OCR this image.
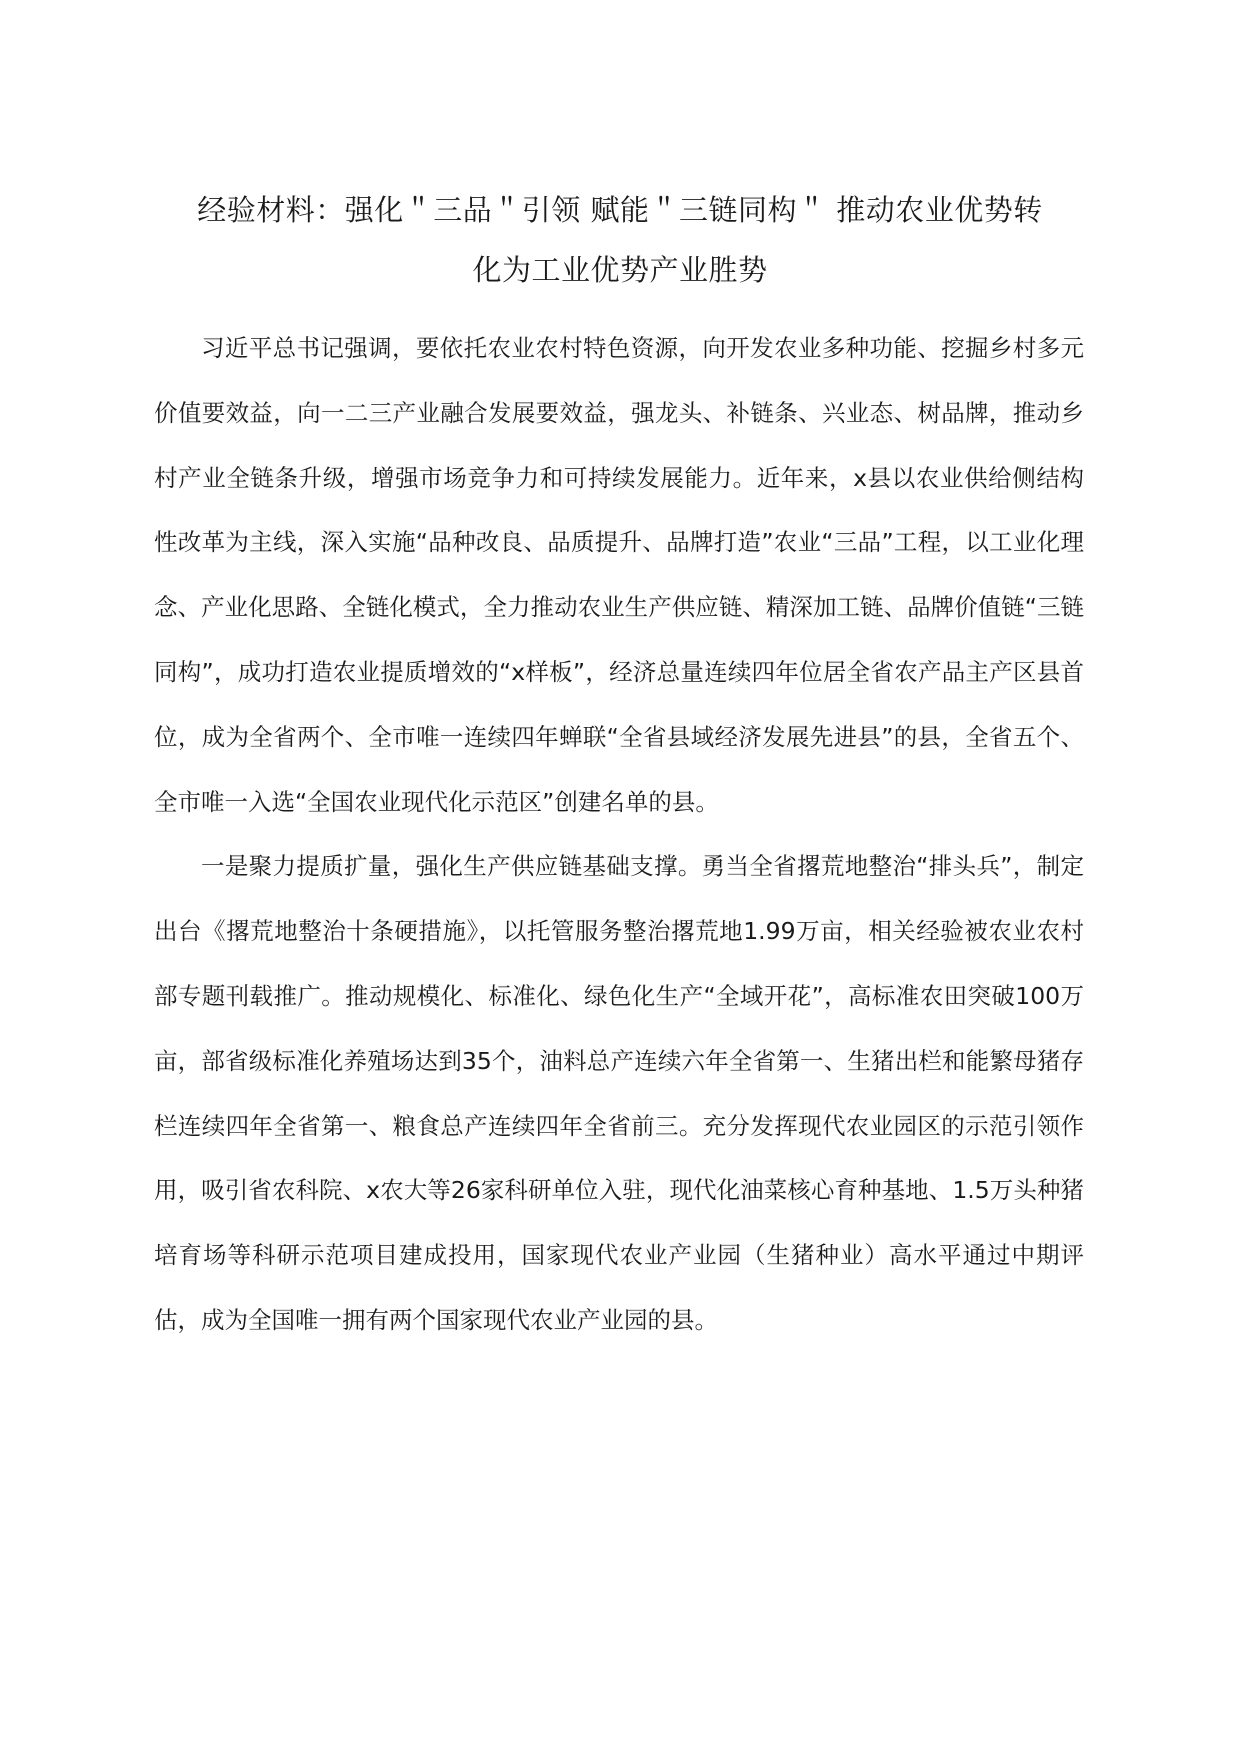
经验材料：强化＂三品＂引领 赋能＂三链同构＂ 推动农业优势转
化为工业优势产业胜势

习近平总书记强调，要依托农业农村特色资源，向开发农业多种功能、挖掘乡村多元价值要效益，向一二三产业融合发展要效益，强龙头、补链条、兴业态、树品牌，推动乡村产业全链条升级，增强市场竞争力和可持续发展能力。近年来，x县以农业供给侧结构性改革为主线，深入实施“品种改良、品质提升、品牌打造”农业“三品”工程，以工业化理念、产业化思路、全链化模式，全力推动农业生产供应链、精深加工链、品牌价值链“三链同构”，成功打造农业提质增效的“x样板”，经济总量连续四年位居全省农产品主产区县首位，成为全省两个、全市唯一连续四年蝉联“全省县域经济发展先进县”的县，全省五个、全市唯一入选“全国农业现代化示范区”创建名单的县。

一是聚力提质扩量，强化生产供应链基础支撑。勇当全省撂荒地整治“排头兵”，制定出台《撂荒地整治十条硬措施》，以托管服务整治撂荒地1.99万亩，相关经验被农业农村部专题刊载推广。推动规模化、标准化、绿色化生产“全域开花”，高标准农田突破100万亩，部省级标准化养殖场达到35个，油料总产连续六年全省第一、生猪出栏和能繁母猪存栏连续四年全省第一、粮食总产连续四年全省前三。充分发挥现代农业园区的示范引领作用，吸引省农科院、x农大等26家科研单位入驻，现代化油菜核心育种基地、1.5万头种猪培育场等科研示范项目建成投用，国家现代农业产业园（生猪种业）高水平通过中期评估，成为全国唯一拥有两个国家现代农业产业园的县。
